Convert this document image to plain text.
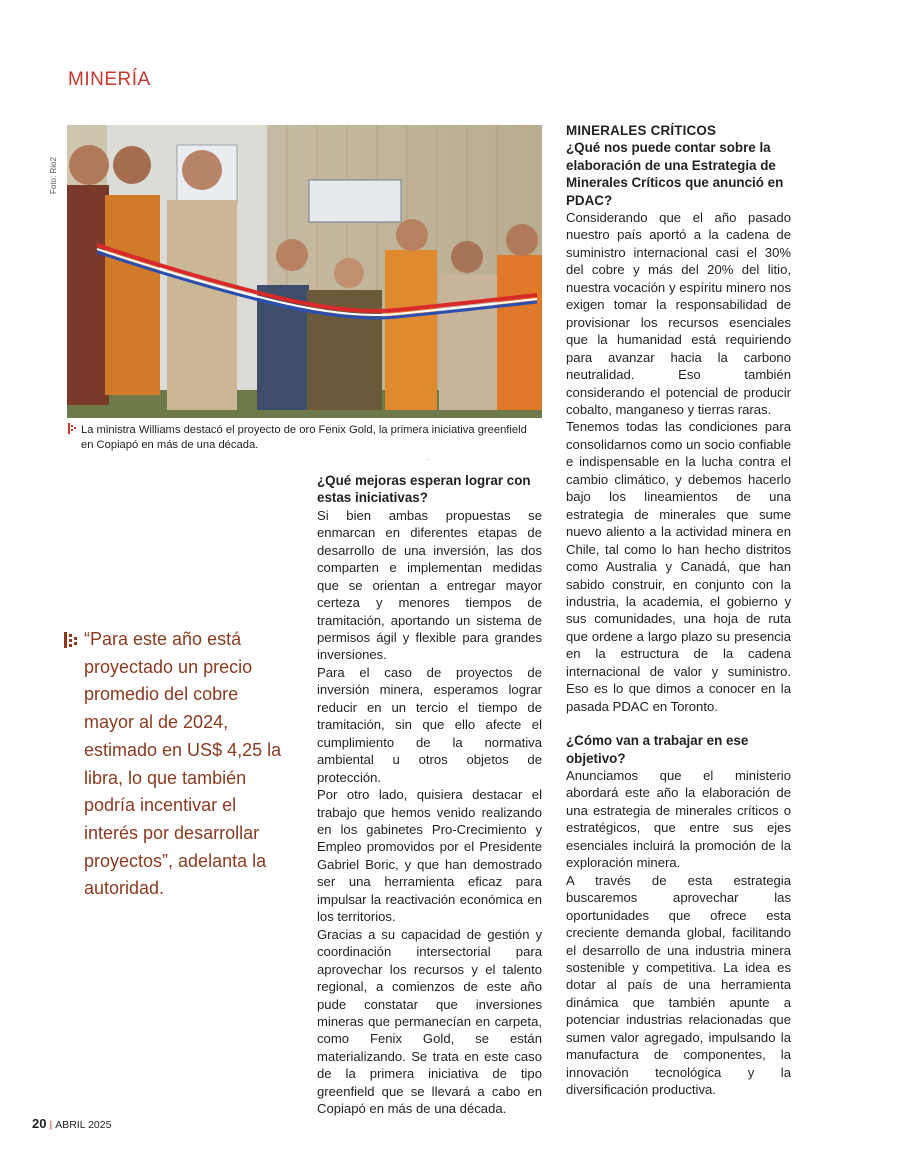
MINERÍA
Foto: Rio2
La ministra Williams destacó el proyecto de oro Fenix Gold, la primera iniciativa greenfield
en Copiapó en más de una década.
·
“Para este año está proyectado un precio promedio del cobre mayor al de 2024, estimado en US$ 4,25 la libra, lo que también podría incentivar el interés por desarrollar proyectos”, adelanta la autoridad.
¿Qué mejoras esperan lograr con estas iniciativas?

Si bien ambas propuestas se enmarcan en diferentes etapas de desarrollo de una inversión, las dos comparten e implementan medidas que se orientan a entregar mayor certeza y menores tiempos de tramitación, aportando un sistema de permisos ágil y flexible para grandes inversiones.

Para el caso de proyectos de inversión minera, esperamos lograr reducir en un tercio el tiempo de tramitación, sin que ello afecte el cumplimiento de la normativa ambiental u otros objetos de protección.

Por otro lado, quisiera destacar el trabajo que hemos venido realizando en los gabinetes Pro-Crecimiento y Empleo promovidos por el Presidente Gabriel Boric, y que han demostrado ser una herramienta eficaz para impulsar la reactivación económica en los territorios.

Gracias a su capacidad de gestión y coordinación intersectorial para aprovechar los recursos y el talento regional, a comienzos de este año pude constatar que inversiones mineras que permanecían en carpeta, como Fenix Gold, se están materializando. Se trata en este caso de la primera iniciativa de tipo greenfield que se llevará a cabo en Copiapó en más de una década.

MINERALES CRÍTICOS
¿Qué nos puede contar sobre la elaboración de una Estrategia de Minerales Críticos que anunció en PDAC?

Considerando que el año pasado nuestro país aportó a la cadena de suministro internacional casi el 30% del cobre y más del 20% del litio, nuestra vocación y espíritu minero nos exigen tomar la responsabilidad de provisionar los recursos esenciales que la humanidad está requiriendo para avanzar hacia la carbono neutralidad. Eso también considerando el potencial de producir cobalto, manganeso y tierras raras.

Tenemos todas las condiciones para consolidarnos como un socio confiable e indispensable en la lucha contra el cambio climático, y debemos hacerlo bajo los lineamientos de una estrategia de minerales que sume nuevo aliento a la actividad minera en Chile, tal como lo han hecho distritos como Australia y Canadá, que han sabido construir, en conjunto con la industria, la academia, el gobierno y sus comunidades, una hoja de ruta que ordene a largo plazo su presencia en la estructura de la cadena internacional de valor y suministro. Eso es lo que dimos a conocer en la pasada PDAC en Toronto.

¿Cómo van a trabajar en ese objetivo?

Anunciamos que el ministerio abordará este año la elaboración de una estrategia de minerales críticos o estratégicos, que entre sus ejes esenciales incluirá la promoción de la exploración minera.

A través de esta estrategia buscaremos aprovechar las oportunidades que ofrece esta creciente demanda global, facilitando el desarrollo de una industria minera sostenible y competitiva. La idea es dotar al país de una herramienta dinámica que también apunte a potenciar industrias relacionadas que sumen valor agregado, impulsando la manufactura de componentes, la innovación tecnológica y la diversificación productiva.

20 | ABRIL 2025
